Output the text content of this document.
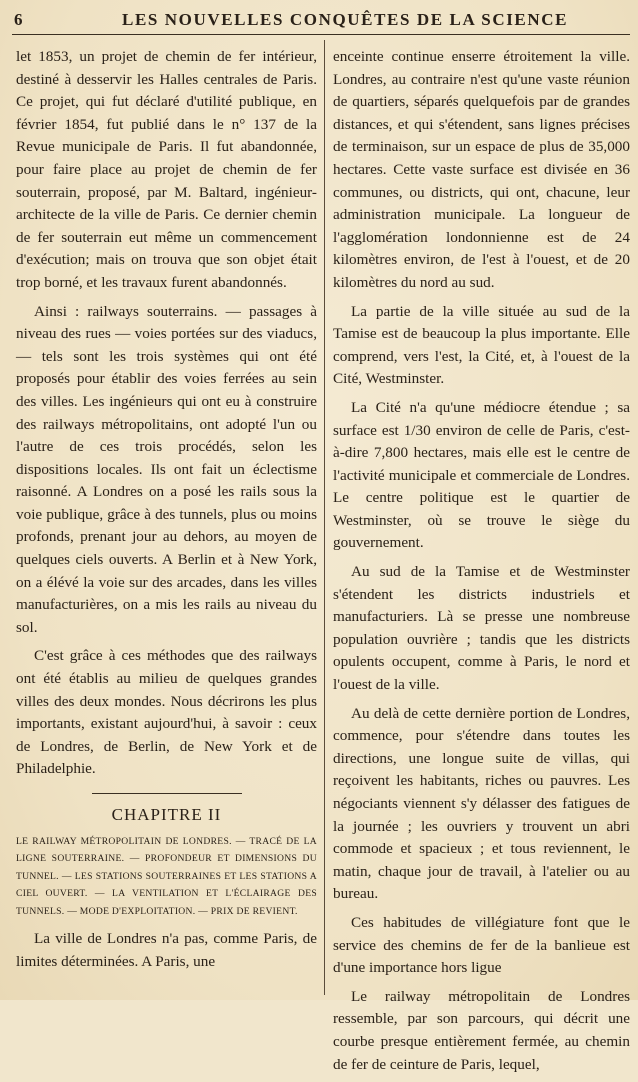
6	LES NOUVELLES CONQUÊTES DE LA SCIENCE

let 1853, un projet de chemin de fer intérieur, destiné à desservir les Halles centrales de Paris. Ce projet, qui fut déclaré d'utilité publique, en février 1854, fut publié dans le n° 137 de la Revue municipale de Paris. Il fut abandonnée, pour faire place au projet de chemin de fer souterrain, proposé, par M. Baltard, ingénieur-architecte de la ville de Paris. Ce dernier chemin de fer souterrain eut même un commencement d'exécution; mais on trouva que son objet était trop borné, et les travaux furent abandonnés.

Ainsi : railways souterrains. — passages à niveau des rues — voies portées sur des viaducs, — tels sont les trois systèmes qui ont été proposés pour établir des voies ferrées au sein des villes. Les ingénieurs qui ont eu à construire des railways métropolitains, ont adopté l'un ou l'autre de ces trois procédés, selon les dispositions locales. Ils ont fait un éclectisme raisonné. A Londres on a posé les rails sous la voie publique, grâce à des tunnels, plus ou moins profonds, prenant jour au dehors, au moyen de quelques ciels ouverts. A Berlin et à New York, on a élévé la voie sur des arcades, dans les villes manufacturières, on a mis les rails au niveau du sol.

C'est grâce à ces méthodes que des railways ont été établis au milieu de quelques grandes villes des deux mondes. Nous décrirons les plus importants, existant aujourd'hui, à savoir : ceux de Londres, de Berlin, de New York et de Philadelphie.

CHAPITRE II
LE RAILWAY MÉTROPOLITAIN DE LONDRES. — TRACÉ DE LA LIGNE SOUTERRAINE. — PROFONDEUR ET DIMENSIONS DU TUNNEL. — LES STATIONS SOUTERRAINES ET LES STATIONS A CIEL OUVERT. — LA VENTILATION ET L'ÉCLAIRAGE DES TUNNELS. — MODE D'EXPLOITATION. — PRIX DE REVIENT.

La ville de Londres n'a pas, comme Paris, de limites déterminées. A Paris, une

enceinte continue enserre étroitement la ville. Londres, au contraire n'est qu'une vaste réunion de quartiers, séparés quelquefois par de grandes distances, et qui s'étendent, sans lignes précises de terminaison, sur un espace de plus de 35,000 hectares. Cette vaste surface est divisée en 36 communes, ou districts, qui ont, chacune, leur administration municipale. La longueur de l'agglomération londonnienne est de 24 kilomètres environ, de l'est à l'ouest, et de 20 kilomètres du nord au sud.

La partie de la ville située au sud de la Tamise est de beaucoup la plus importante. Elle comprend, vers l'est, la Cité, et, à l'ouest de la Cité, Westminster.

La Cité n'a qu'une médiocre étendue ; sa surface est 1/30 environ de celle de Paris, c'est-à-dire 7,800 hectares, mais elle est le centre de l'activité municipale et commerciale de Londres. Le centre politique est le quartier de Westminster, où se trouve le siège du gouvernement.

Au sud de la Tamise et de Westminster s'étendent les districts industriels et manufacturiers. Là se presse une nombreuse population ouvrière ; tandis que les districts opulents occupent, comme à Paris, le nord et l'ouest de la ville.

Au delà de cette dernière portion de Londres, commence, pour s'étendre dans toutes les directions, une longue suite de villas, qui reçoivent les habitants, riches ou pauvres. Les négociants viennent s'y délasser des fatigues de la journée ; les ouvriers y trouvent un abri commode et spacieux ; et tous reviennent, le matin, chaque jour de travail, à l'atelier ou au bureau.

Ces habitudes de villégiature font que le service des chemins de fer de la banlieue est d'une importance hors ligue

Le railway métropolitain de Londres ressemble, par son parcours, qui décrit une courbe presque entièrement fermée, au chemin de fer de ceinture de Paris, lequel,
